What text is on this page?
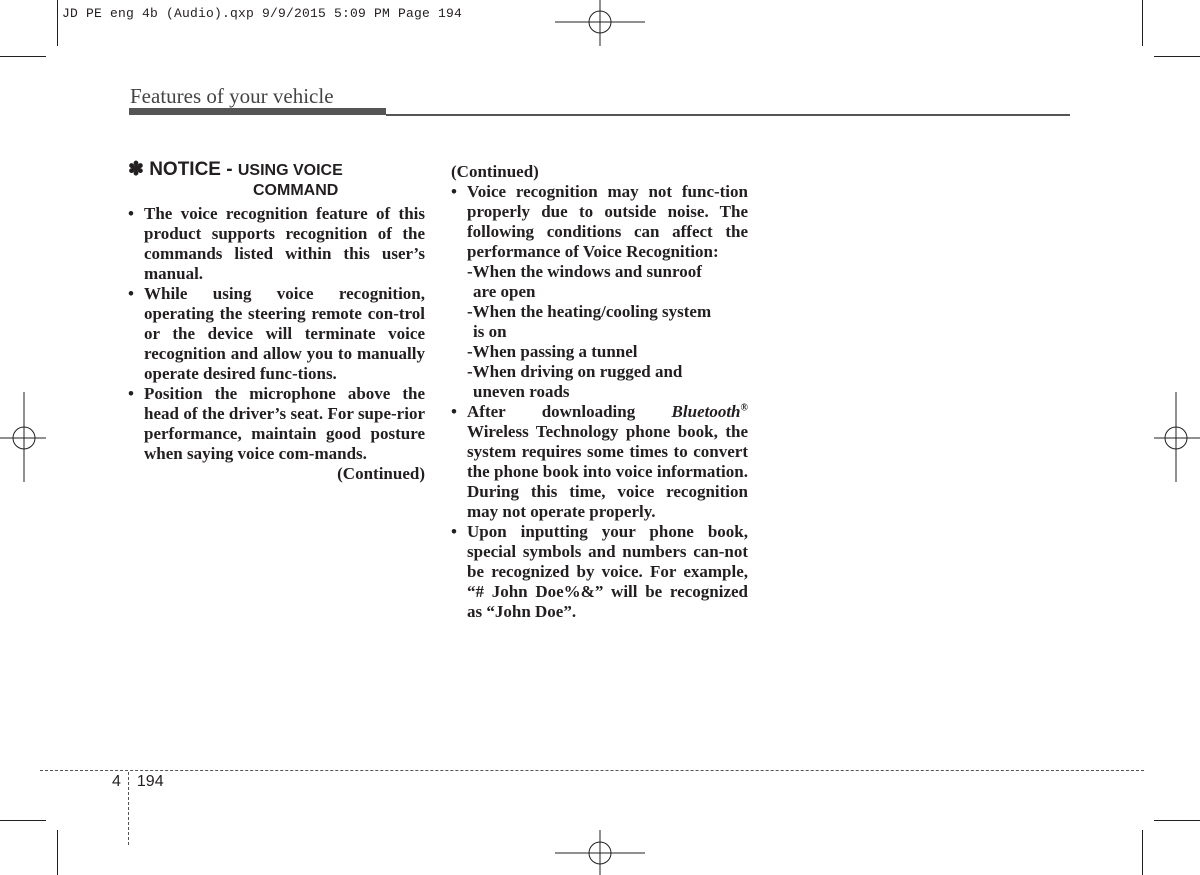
JD PE eng 4b (Audio).qxp 9/9/2015 5:09 PM Page 194
Features of your vehicle
✽ NOTICE - USING VOICE
COMMAND
• The voice recognition feature of this product supports recognition of the commands listed within this user’s manual.
• While using voice recognition, operating the steering remote con-trol or the device will terminate voice recognition and allow you to manually operate desired func-tions.
• Position the microphone above the head of the driver’s seat. For supe-rior performance, maintain good posture when saying voice com-mands.
(Continued)
(Continued)
• Voice recognition may not func-tion properly due to outside noise. The following conditions can affect the performance of Voice Recognition:
-When the windows and sunroof
are open
-When the heating/cooling system
is on
-When passing a tunnel
-When driving on rugged and
uneven roads
• After downloading Bluetooth® Wireless Technology phone book, the system requires some times to convert the phone book into voice information. During this time, voice recognition may not operate properly.
• Upon inputting your phone book, special symbols and numbers can-not be recognized by voice. For example, “# John Doe%&” will be recognized as “John Doe”.
4 194
